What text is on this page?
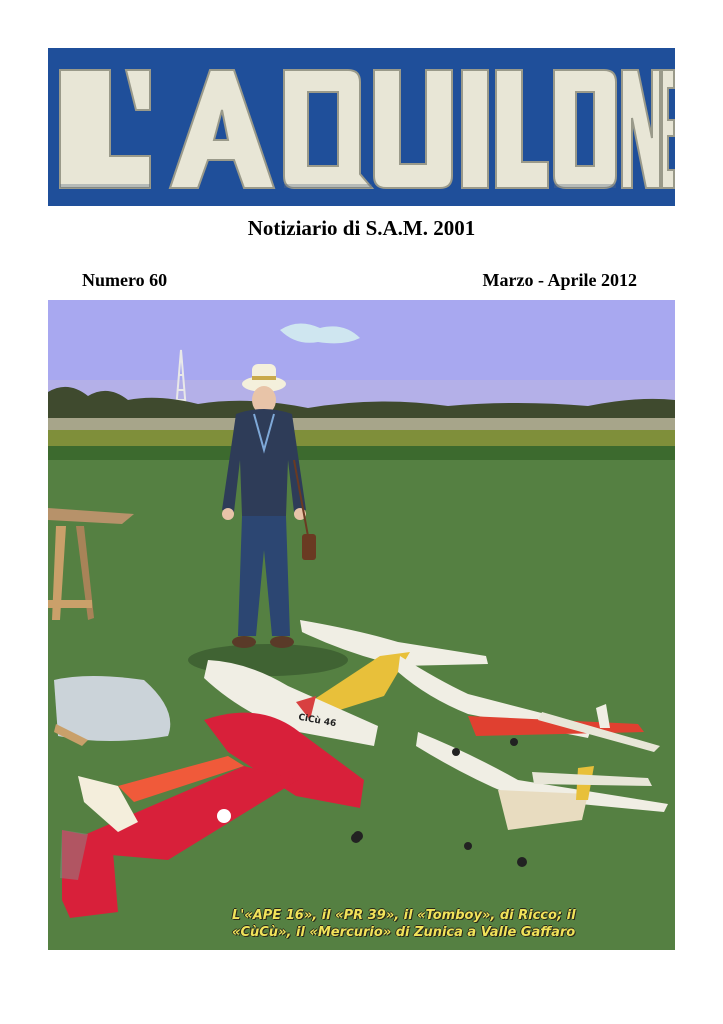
Notiziario di S.A.M. 2001
Numero 60	Marzo - Aprile 2012
CiCù 46
L'«APE 16», il «PR 39», il «Tomboy», di Ricco; il
«CùCù», il «Mercurio» di Zunica a Valle Gaffaro
